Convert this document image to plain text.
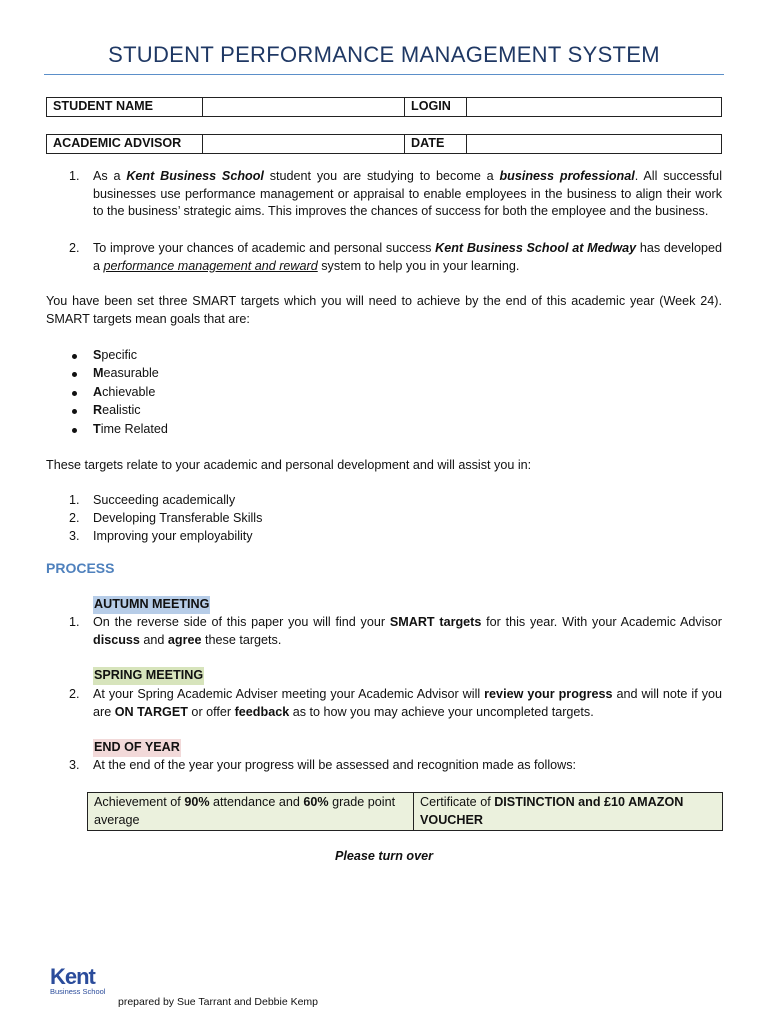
STUDENT PERFORMANCE MANAGEMENT SYSTEM
STUDENT NAME		LOGIN	
ACADEMIC ADVISOR		DATE	
1. As a Kent Business School student you are studying to become a business professional. All successful businesses use performance management or appraisal to enable employees in the business to align their work to the business’ strategic aims. This improves the chances of success for both the employee and the business.
2. To improve your chances of academic and personal success Kent Business School at Medway has developed a performance management and reward system to help you in your learning.
You have been set three SMART targets which you will need to achieve by the end of this academic year (Week 24). SMART targets mean goals that are:
Specific
Measurable
Achievable
Realistic
Time Related
These targets relate to your academic and personal development and will assist you in:
1. Succeeding academically
2. Developing Transferable Skills
3. Improving your employability
PROCESS
AUTUMN MEETING
1. On the reverse side of this paper you will find your SMART targets for this year. With your Academic Advisor discuss and agree these targets.
SPRING MEETING
2. At your Spring Academic Adviser meeting your Academic Advisor will review your progress and will note if you are ON TARGET or offer feedback as to how you may achieve your uncompleted targets.
END OF YEAR
3. At the end of the year your progress will be assessed and recognition made as follows:
Achievement of 90% attendance and 60% grade point average	Certificate of DISTINCTION and £10 AMAZON VOUCHER
Please turn over
Kent
Business School
prepared by Sue Tarrant and Debbie Kemp
